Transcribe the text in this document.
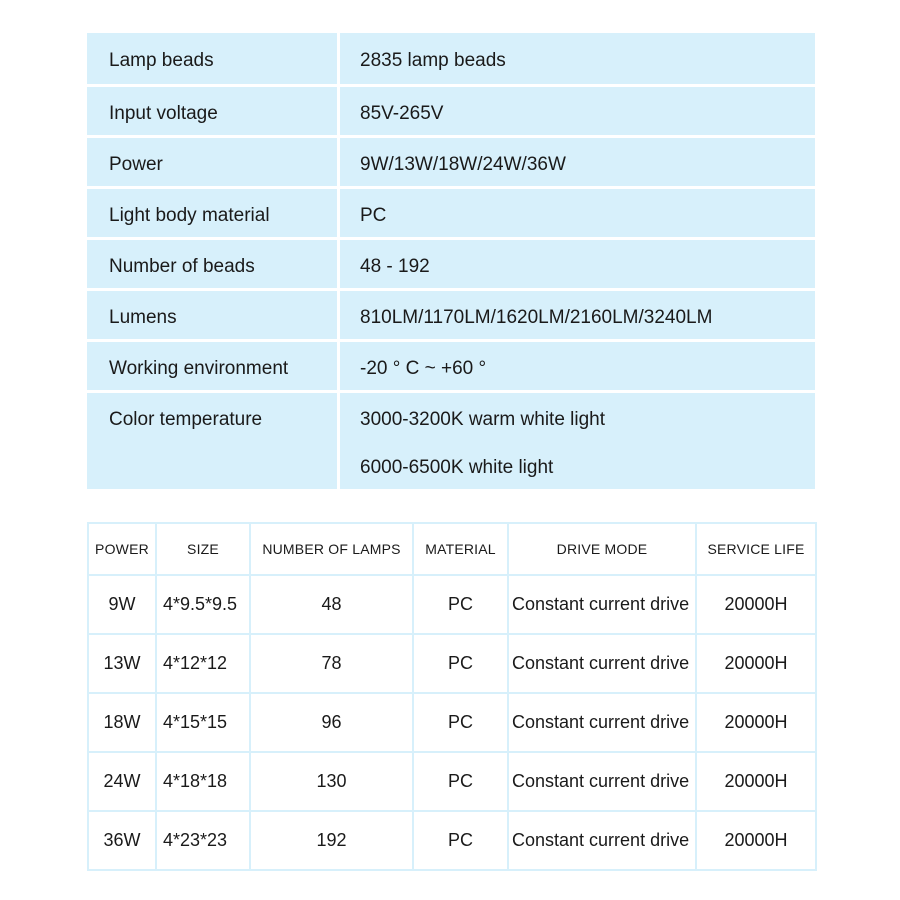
Lamp beads	2835 lamp beads

Input voltage	85V-265V

Power	9W/13W/18W/24W/36W

Light body material	PC

Number of beads	48 - 192

Lumens	810LM/1170LM/1620LM/2160LM/3240LM

Working environment	-20 ° C ~ +60 °

Color temperature	3000-3200K warm white light
6000-6500K white light
POWER	SIZE	NUMBER OF LAMPS	MATERIAL	DRIVE MODE	SERVICE LIFE
9W	4*9.5*9.5	48	PC	Constant current drive	20000H
13W	4*12*12	78	PC	Constant current drive	20000H
18W	4*15*15	96	PC	Constant current drive	20000H
24W	4*18*18	130	PC	Constant current drive	20000H
36W	4*23*23	192	PC	Constant current drive	20000H
